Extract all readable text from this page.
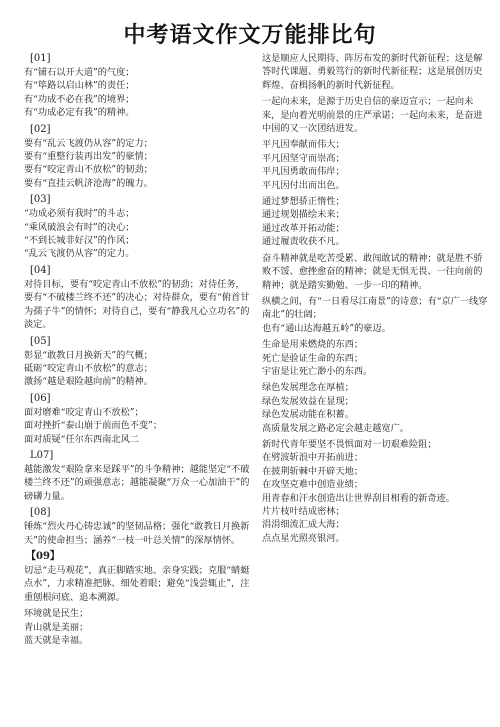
中考语文作文万能排比句
[01]
有“铺石以开大道”的气度；
有“筚路以启山林”的责任；
有“功成不必在我”的境界；
有“功成必定有我”的精神。
[02]
要有“乱云飞渡仍从容”的定力；
要有“重整行装再出发”的豪情；
要有“咬定青山不放松”的韧劲；
要有“直挂云帆济沧海”的魄力。
[03]
“功成必须有我时”的斗志；
“乘风破浪会有时”的决心；
“不到长城非好汉”的作风；
“乱云飞渡仍从容”的定力。
[04]
对待目标，要有“咬定青山不放松”的韧劲；对待任务，要有“不破楼兰终不还”的决心；对待群众，要有“俯首甘为孺子牛”的情怀；对待自己，要有“静我凡心立功名”的淡定。
[05]
彰显“敢教日月换新天”的气概；
砥砺“咬定青山不放松”的意志；
激扬“越是艰险越向前”的精神。
[06]
面对磨难“咬定青山不放松”；
面对挫折“泰山崩于前而色不变”；
面对质疑“任尔东西南北风二
L07]
越能激发“艰险拿来是踩平”的斗争精神；越能坚定“不破楼兰终不还”的顽强意志；越能凝聚“万众一心加油干”的磅礴力量。
[08]
锤炼“烈火丹心铸忠诚”的坚韧品格；强化“敢教日月换新天”的使命担当；涵养“一枝一叶总关情”的深厚情怀。
【09】
切忌“走马观花”，真正脚踏实地、亲身实践；克服“蜻蜓点水”，力求精准把脉、细处着眼；避免“浅尝辄止”，注重刨根问底、追本溯源。
环境就是民生；
青山就是美丽；
蓝天就是幸福。
这是顺应人民期待、阵厉布发的新时代新征程；这是解答时代课题、勇毅笃行的新时代新征程；这是展创历史辉煌、奋楫扬帆的新时代新征程。
一起向未来，是源于历史自信的豪迈宣示；一起向未来，是向着光明前景的庄严承诺；一起向未来，是奋进中国的又一次团结进发。
平凡因奉献而伟大；
平凡因坚守而崇高；
平凡因勇敢而伟岸；
平凡因付出而出色。
通过梦想骄正惰性；
通过规划描绘未来；
通过改革开拓动能；
通过履责收获不凡。
奋斗精神就是吃苦受累、敢闯敢试的精神；就是胜不骄败不馁、愈挫愈奋的精神；就是无惧无畏、一往向前的精神；就是踏实勤勉、一步一印的精神。
纵横之间，有“一日看尽江南景”的诗意；有“京广一线穿南北”的壮阔；
也有“通山达海越五岭”的豪迈。
生命是用来燃烧的东西；
死亡是验证生命的东西；
宇宙是让死亡渺小的东西。
绿色发展理念在厚植；
绿色发展效益在显现；
绿色发展动能在积蓄。
高质量发展之路必定会越走越宽广。
新时代青年要坚不畏惧面对一切艰难险阻；
在劈波斩浪中开拓前进；
在披荆斩棘中开辟天地；
在攻坚克难中创造业绩；
用青春和汗水创造出让世界刮目相看的新奇迹。
片片枝叶结成密林；
涓涓细流汇成大海；
点点星光照亮银河。
